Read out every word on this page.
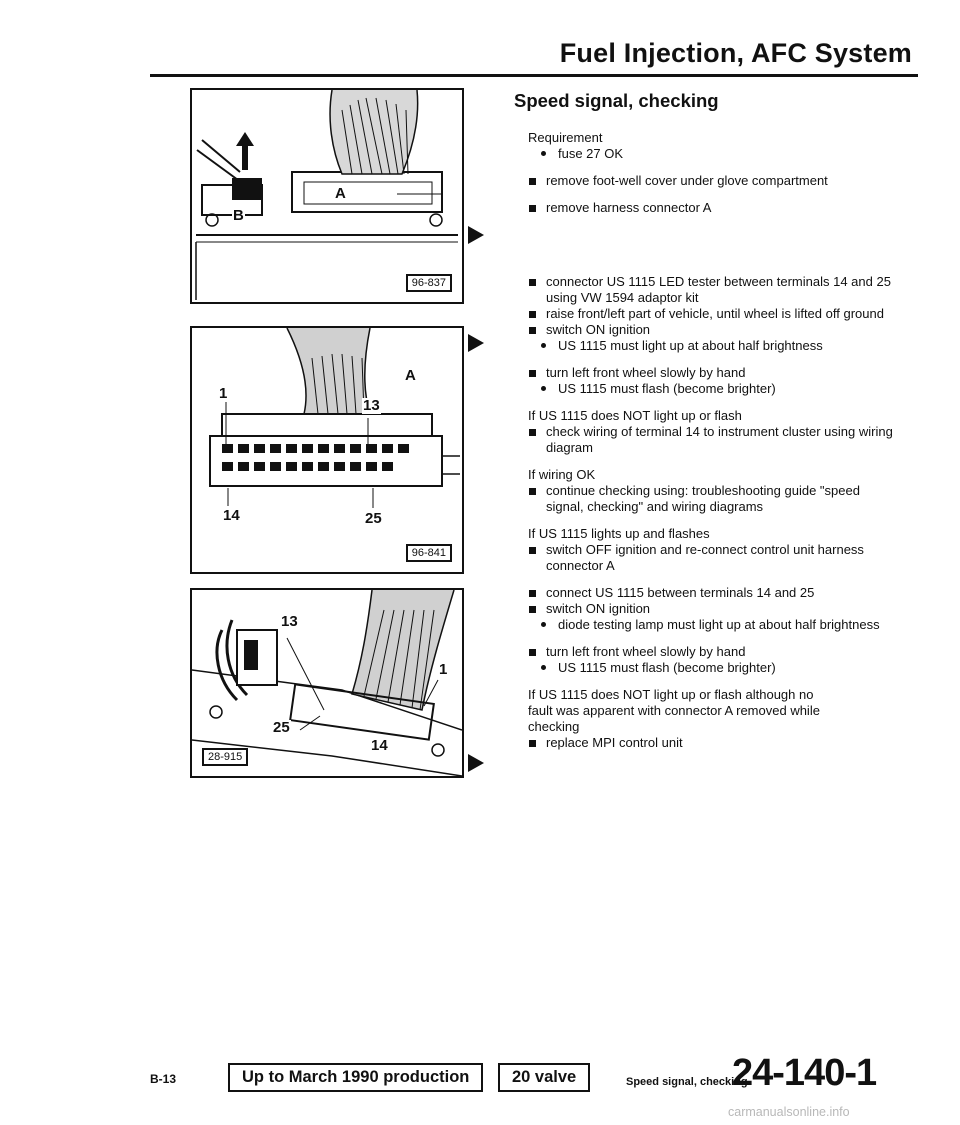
Fuel Injection, AFC System
A
B
96-837
A
1
13
14	25
96-841
13
1
25
14
28-915
Speed signal, checking
Requirement
fuse 27 OK
remove foot-well cover under glove compartment
remove harness connector A
connector US 1115 LED tester between terminals 14 and 25 using VW 1594 adaptor kit
raise front/left part of vehicle, until wheel is lifted off ground
switch ON ignition
US 1115 must light up at about half brightness
turn left front wheel slowly by hand
US 1115 must flash (become brighter)
If US 1115 does NOT light up or flash
check wiring of terminal 14 to instrument cluster using wiring diagram
If wiring OK
continue checking using: troubleshooting guide "speed signal, checking" and wiring diagrams
If US 1115 lights up and flashes
switch OFF ignition and re-connect control unit harness connector A
connect US 1115 between terminals 14 and 25
switch ON ignition
diode testing lamp must light up at about half brightness
turn left front wheel slowly by hand
US 1115 must flash (become brighter)
If US 1115 does NOT light up or flash although no fault was apparent with connector A removed while checking
replace MPI control unit
B-13	Up to March 1990 production	20 valve	Speed signal, checking
24-140-1
carmanualsonline.info
